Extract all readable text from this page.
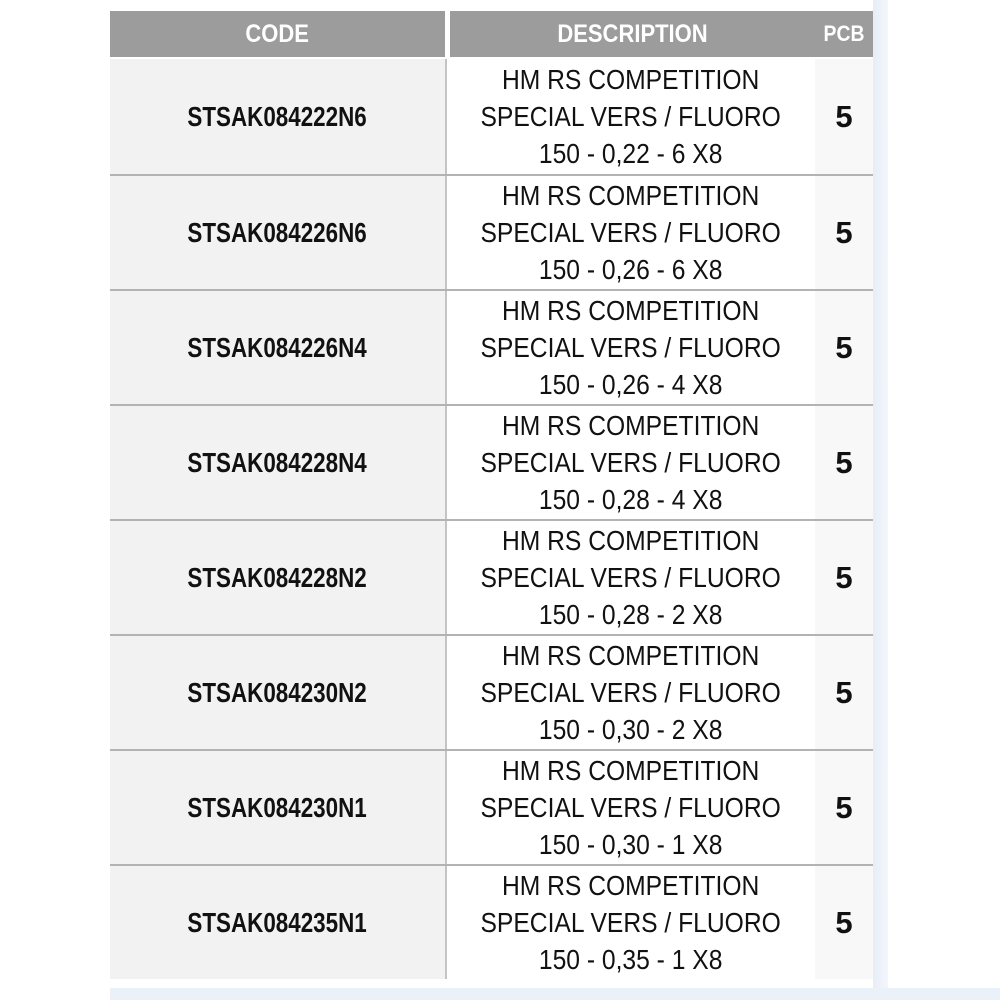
CODE	DESCRIPTION	PCB
STSAK084222N6
HM RS COMPETITION
SPECIAL VERS / FLUORO
150 - 0,22 - 6 X8
5
STSAK084226N6
HM RS COMPETITION
SPECIAL VERS / FLUORO
150 - 0,26 - 6 X8
5
STSAK084226N4
HM RS COMPETITION
SPECIAL VERS / FLUORO
150 - 0,26 - 4 X8
5
STSAK084228N4
HM RS COMPETITION
SPECIAL VERS / FLUORO
150 - 0,28 - 4 X8
5
STSAK084228N2
HM RS COMPETITION
SPECIAL VERS / FLUORO
150 - 0,28 - 2 X8
5
STSAK084230N2
HM RS COMPETITION
SPECIAL VERS / FLUORO
150 - 0,30 - 2 X8
5
STSAK084230N1
HM RS COMPETITION
SPECIAL VERS / FLUORO
150 - 0,30 - 1 X8
5
STSAK084235N1
HM RS COMPETITION
SPECIAL VERS / FLUORO
150 - 0,35 - 1 X8
5
